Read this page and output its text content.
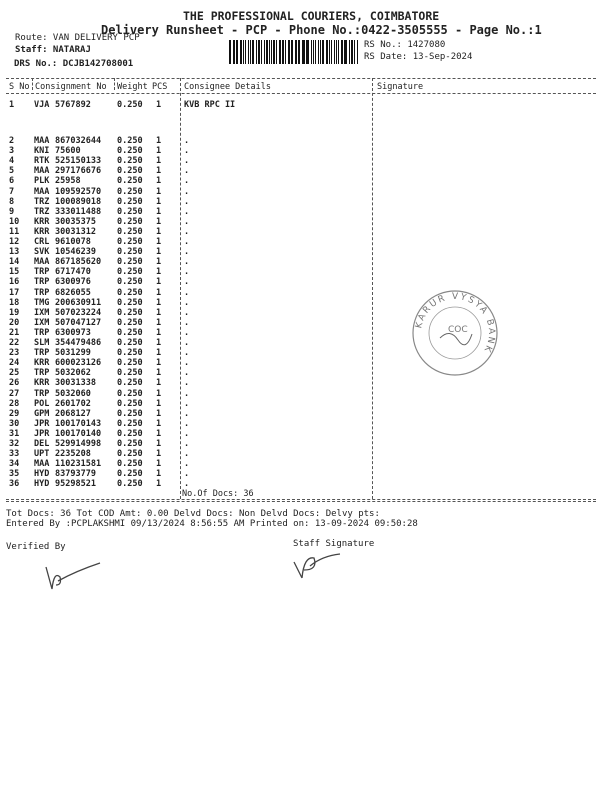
THE PROFESSIONAL COURIERS, COIMBATORE
Delivery Runsheet - PCP - Phone No.:0422-3505555 - Page No.:1
Route: VAN DELIVERY PCP
Staff: NATARAJ
DRS No.: DCJB142708001
RS No.: 1427080
RS Date: 13-Sep-2024
S No Consignment No Weight PCS Consignee Details	Signature
1 VJA 5767892	0.250 1	KVB RPC II
2 MAA 867032644 0.250 1	.
3 KNI 75600	0.250 1	.
4 RTK 525150133 0.250 1	.
5 MAA 297176676 0.250 1	.
6 PLK 25958	0.250 1	.
7 MAA 109592570 0.250 1	.
8 TRZ 100089018 0.250 1	.
9 TRZ 333011488 0.250 1	.
10 KRR 30035375 0.250 1	.
11 KRR 30031312 0.250 1	.
12 CRL 9610078	0.250 1	.
13 SVK 10546239 0.250 1	.
14 MAA 867185620 0.250 1	.
15 TRP 6717470	0.250 1	.
16 TRP 6300976	0.250 1	.
17 TRP 6826055	0.250 1	.
18 TMG 200630911 0.250 1	.
19 IXM 507023224 0.250 1	.
20 IXM 507047127 0.250 1	.
21 TRP 6300973	0.250 1	.
22 SLM 354479486 0.250 1	.
23 TRP 5031299	0.250 1	.
24 KRR 600023126 0.250 1	.
25 TRP 5032062	0.250 1	.
26 KRR 30031338 0.250 1	.
27 TRP 5032060	0.250 1	.
28 POL 2601702	0.250 1	.
29 GPM 2068127	0.250 1	.
30 JPR 100170143 0.250 1	.
31 JPR 100170140 0.250 1	.
32 DEL 529914998 0.250 1	.
33 UPT 2235208	0.250 1	.
34 MAA 110231581 0.250 1	.
35 HYD 83793779 0.250 1	.
36 HYD 95298521 0.250 1	.
No.Of Docs: 36
KARUR VYSYA BANK
COC
Tot Docs: 36 Tot COD Amt: 0.00 Delvd Docs: Non Delvd Docs: Delvy pts:
Entered By :PCPLAKSHMI 09/13/2024 8:56:55 AM Printed on: 13-09-2024 09:50:28
Verified By	Staff Signature
